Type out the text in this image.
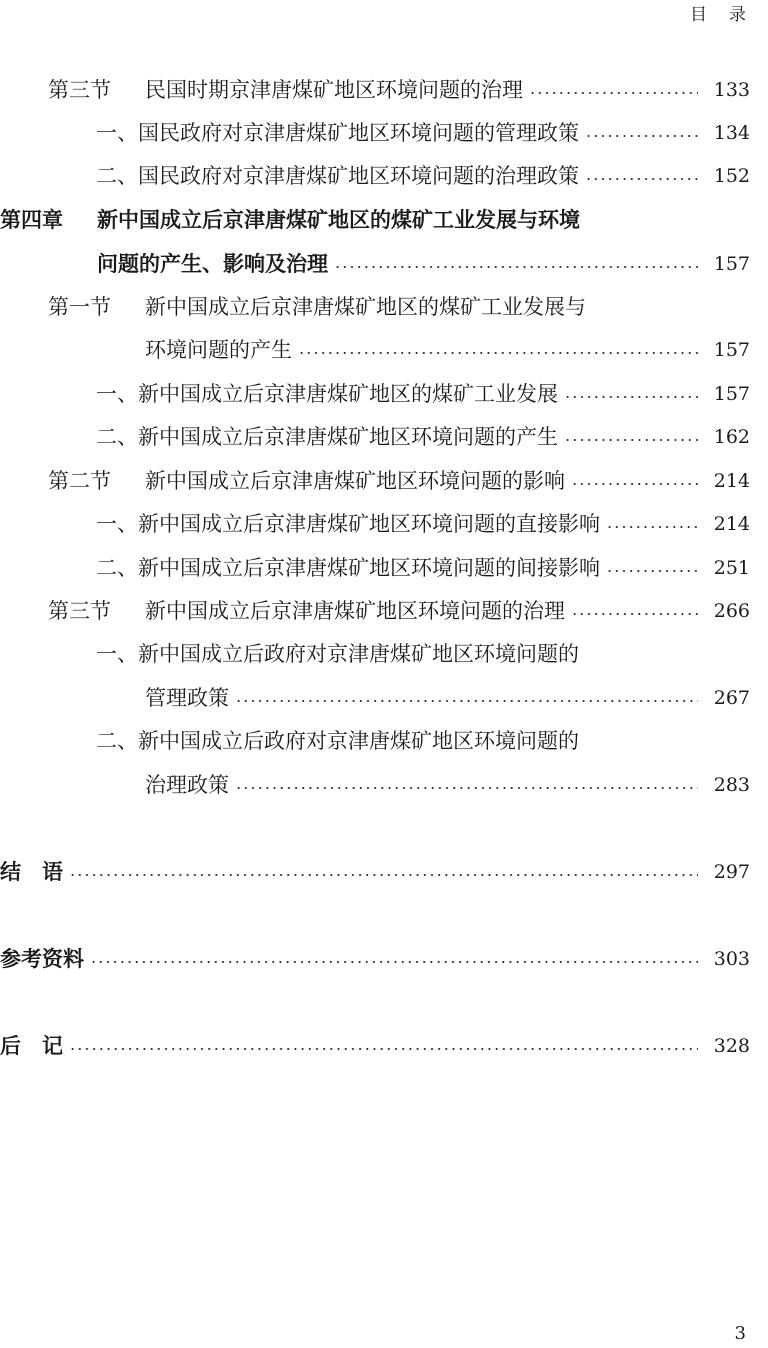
目录
第三节	民国时期京津唐煤矿地区环境问题的治理	133
一、国民政府对京津唐煤矿地区环境问题的管理政策	134
二、国民政府对京津唐煤矿地区环境问题的治理政策	152
第四章	新中国成立后京津唐煤矿地区的煤矿工业发展与环境
问题的产生、影响及治理	157
第一节	新中国成立后京津唐煤矿地区的煤矿工业发展与
环境问题的产生	157
一、新中国成立后京津唐煤矿地区的煤矿工业发展	157
二、新中国成立后京津唐煤矿地区环境问题的产生	162
第二节	新中国成立后京津唐煤矿地区环境问题的影响	214
一、新中国成立后京津唐煤矿地区环境问题的直接影响	214
二、新中国成立后京津唐煤矿地区环境问题的间接影响	251
第三节	新中国成立后京津唐煤矿地区环境问题的治理	266
一、新中国成立后政府对京津唐煤矿地区环境问题的
管理政策	267
二、新中国成立后政府对京津唐煤矿地区环境问题的
治理政策	283
结　语	297
参考资料	303
后　记	328
3
